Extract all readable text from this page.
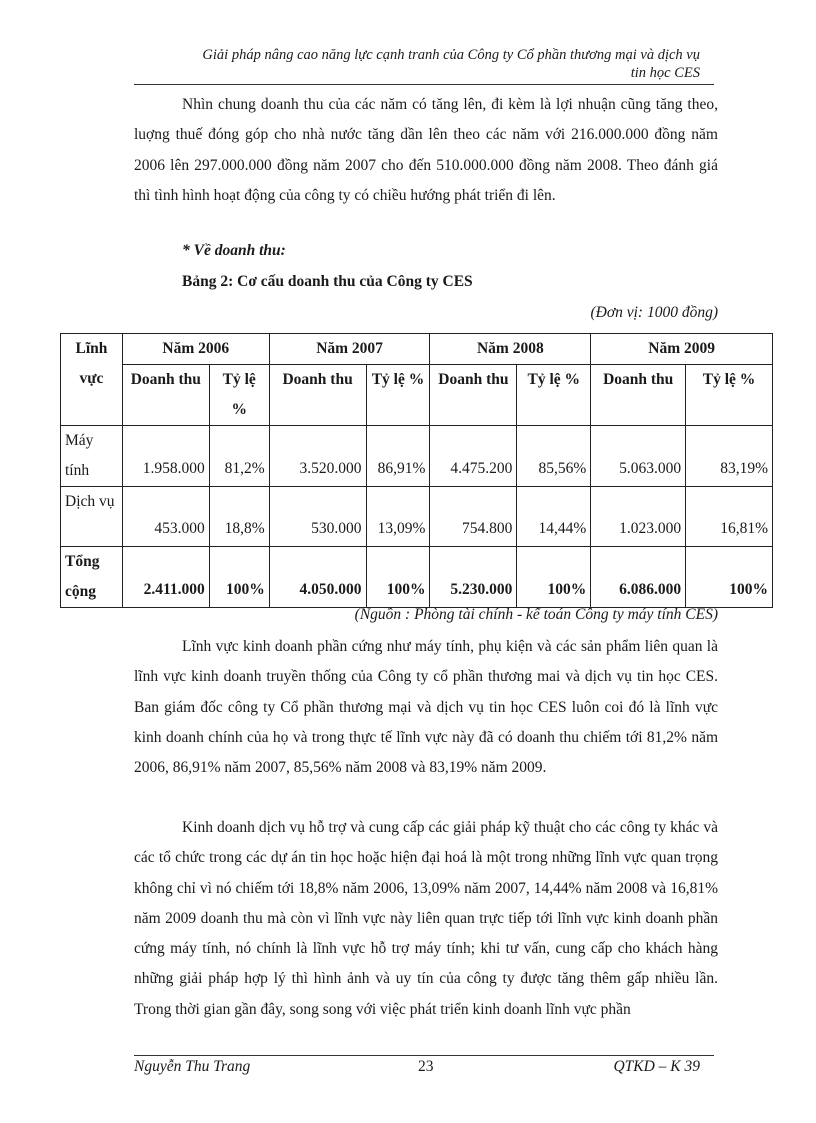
Giải pháp nâng cao năng lực cạnh tranh của Công ty Cổ phần thương mại và dịch vụ
tin học CES

Nhìn chung doanh thu của các năm có tăng lên, đi kèm là lợi nhuận cũng tăng theo, luợng thuế đóng góp cho nhà nước tăng dần lên theo các năm với 216.000.000 đồng năm 2006 lên 297.000.000 đồng năm 2007 cho đến 510.000.000 đồng năm 2008. Theo đánh giá thì tình hình hoạt động của công ty có chiều hướng phát triển đi lên.

* Về doanh thu:

Bảng 2: Cơ cấu doanh thu của Công ty CES

(Đơn vị: 1000 đồng)
Lĩnh vực	Năm 2006		Năm 2007		Năm 2008		Năm 2009	
	Doanh thu	Tỷ lệ %	Doanh thu	Tỷ lệ %	Doanh thu	Tỷ lệ %	Doanh thu	Tỷ lệ %
Máy tính	1.958.000	81,2%	3.520.000	86,91%	4.475.200	85,56%	5.063.000	83,19%
Dịch vụ	453.000	18,8%	530.000	13,09%	754.800	14,44%	1.023.000	16,81%
Tổng cộng	2.411.000	100%	4.050.000	100%	5.230.000	100%	6.086.000	100%
(Nguồn : Phòng tài chính - kế toán Công ty máy tính CES)

Lĩnh vực kinh doanh phần cứng như máy tính, phụ kiện và các sản phẩm liên quan là lĩnh vực kinh doanh truyền thống của Công ty cổ phần thương mai và dịch vụ tin học CES. Ban giám đốc công ty Cổ phần thương mại và dịch vụ tin học CES luôn coi đó là lĩnh vực kinh doanh chính của họ và trong thực tế lĩnh vực này đã có doanh thu chiếm tới 81,2% năm 2006, 86,91% năm 2007, 85,56% năm 2008 và 83,19% năm 2009.

Kinh doanh dịch vụ hỗ trợ và cung cấp các giải pháp kỹ thuật cho các công ty khác và các tổ chức trong các dự án tin học hoặc hiện đại hoá là một trong những lĩnh vực quan trọng không chỉ vì nó chiếm tới 18,8% năm 2006, 13,09% năm 2007, 14,44% năm 2008 và 16,81% năm 2009 doanh thu mà còn vì lĩnh vực này liên quan trực tiếp tới lĩnh vực kinh doanh phần cứng máy tính, nó chính là lĩnh vực hỗ trợ máy tính; khi tư vấn, cung cấp cho khách hàng những giải pháp hợp lý thì hình ảnh và uy tín của công ty được tăng thêm gấp nhiều lần. Trong thời gian gần đây, song song với việc phát triển kinh doanh lĩnh vực phần

Nguyễn Thu Trang	23	QTKD – K 39
